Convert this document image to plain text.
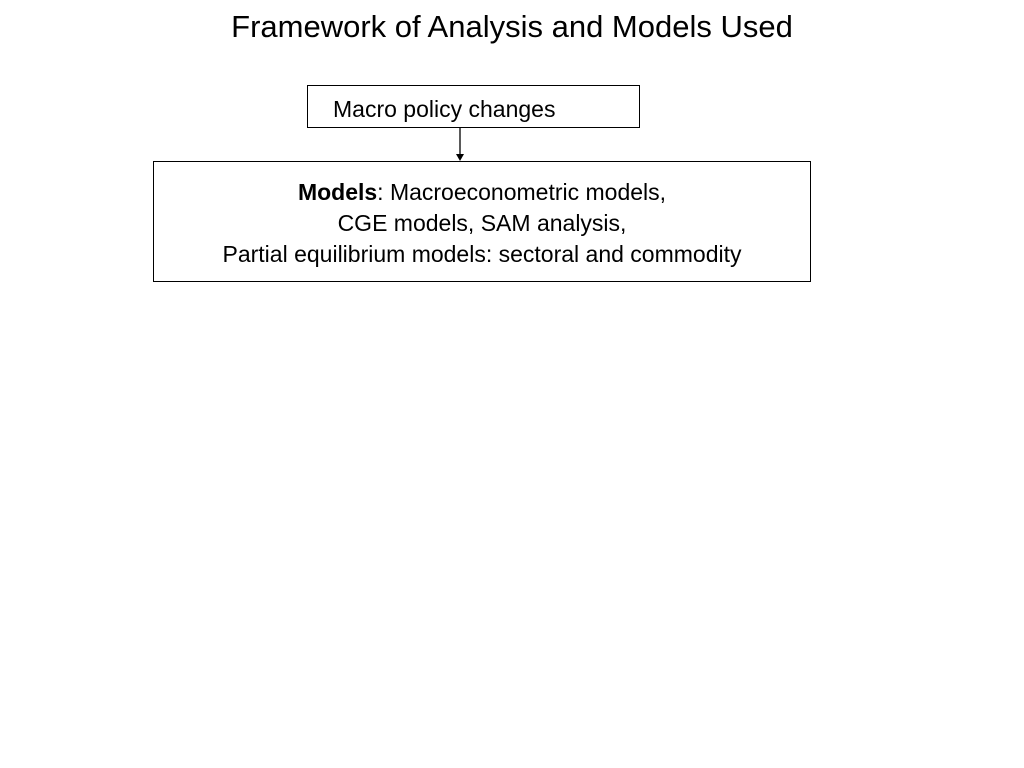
Framework of Analysis and Models Used
Macro policy changes
Models: Macroeconometric models,
CGE models, SAM analysis,
Partial equilibrium models: sectoral and commodity
